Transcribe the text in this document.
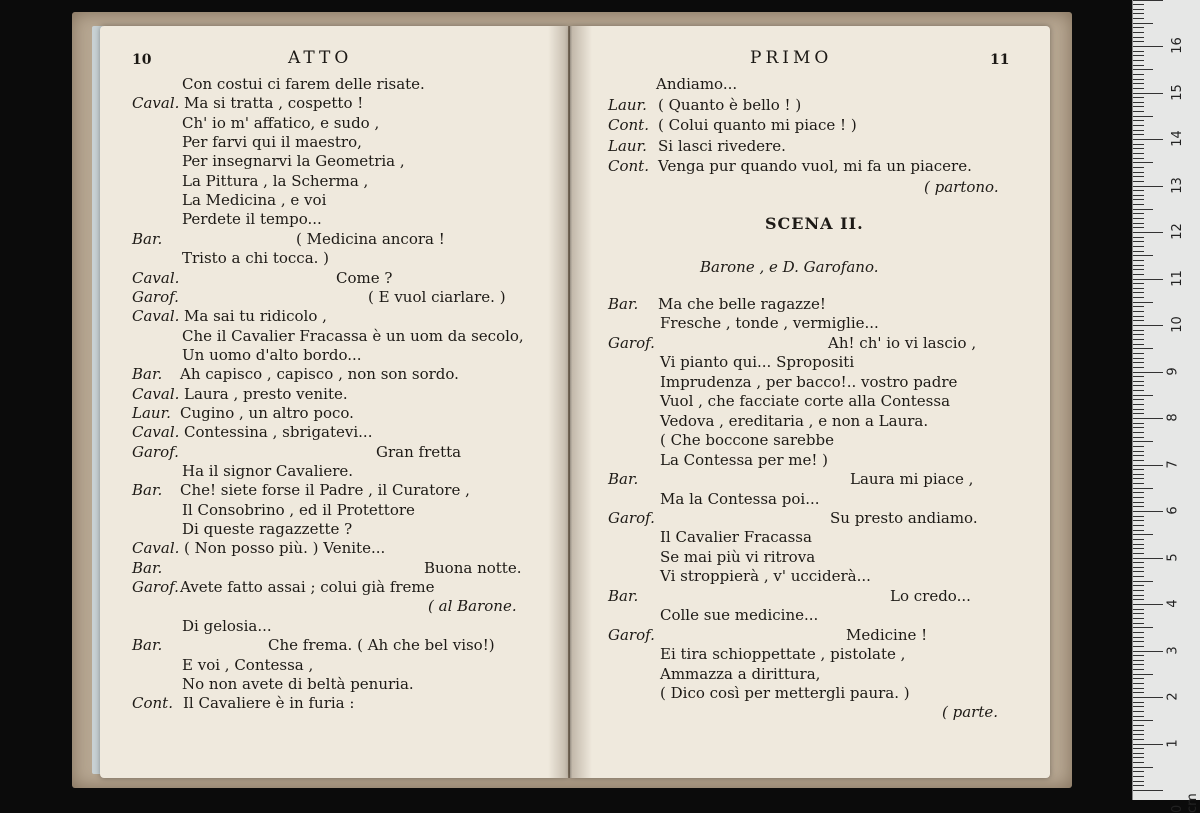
10	ATTO	PRIMO	11
Con costui ci farem delle risate.
Caval. Ma si tratta , cospetto !
Ch' io m' affatico, e sudo ,
Per farvi qui il maestro,
Per insegnarvi la Geometria ,
La Pittura , la Scherma ,
La Medicina , e voi
Perdete il tempo...
Bar.	( Medicina ancora !
Tristo a chi tocca. )
Caval.	Come ?
Garof.	( E vuol ciarlare. )
Caval. Ma sai tu ridicolo ,
Che il Cavalier Fracassa è un uom da secolo,
Un uomo d'alto bordo...
Bar. Ah capisco , capisco , non son sordo.
Caval. Laura , presto venite.
Laur. Cugino , un altro poco.
Caval. Contessina , sbrigatevi...
Garof.	Gran fretta
Ha il signor Cavaliere.
Bar. Che! siete forse il Padre , il Curatore ,
Il Consobrino , ed il Protettore
Di queste ragazzette ?
Caval. ( Non posso più. ) Venite...
Bar.	Buona notte.
Garof. Avete fatto assai ; colui già freme
( al Barone.
Di gelosia...
Bar.	Che frema. ( Ah che bel viso!)
E voi , Contessa ,
No non avete di beltà penuria.
Cont. Il Cavaliere è in furia :
Andiamo...
Laur. ( Quanto è bello ! )
Cont. ( Colui quanto mi piace ! )
Laur. Si lasci rivedere.
Cont. Venga pur quando vuol, mi fa un piacere.
( partono.
Bar. Ma che belle ragazze!
Fresche , tonde , vermiglie...
Garof.	Ah! ch' io vi lascio ,
Vi pianto qui... Spropositi
Imprudenza , per bacco!.. vostro padre
Vuol , che facciate corte alla Contessa
Vedova , ereditaria , e non a Laura.
( Che boccone sarebbe
La Contessa per me! )
Bar.	Laura mi piace ,
Ma la Contessa poi...
Garof.	Su presto andiamo.
Il Cavalier Fracassa
Se mai più vi ritrova
Vi stroppierà , v' ucciderà...
Bar.	Lo credo...
Colle sue medicine...
Garof.	Medicine !
Ei tira schioppettate , pistolate ,
Ammazza a dirittura,
( Dico così per mettergli paura. )
( parte.
SCENA II.
Barone , e D. Garofano.
16
15
14
13
12
11
10
9
8
7
6
5
4
3
2
1
0 cm
